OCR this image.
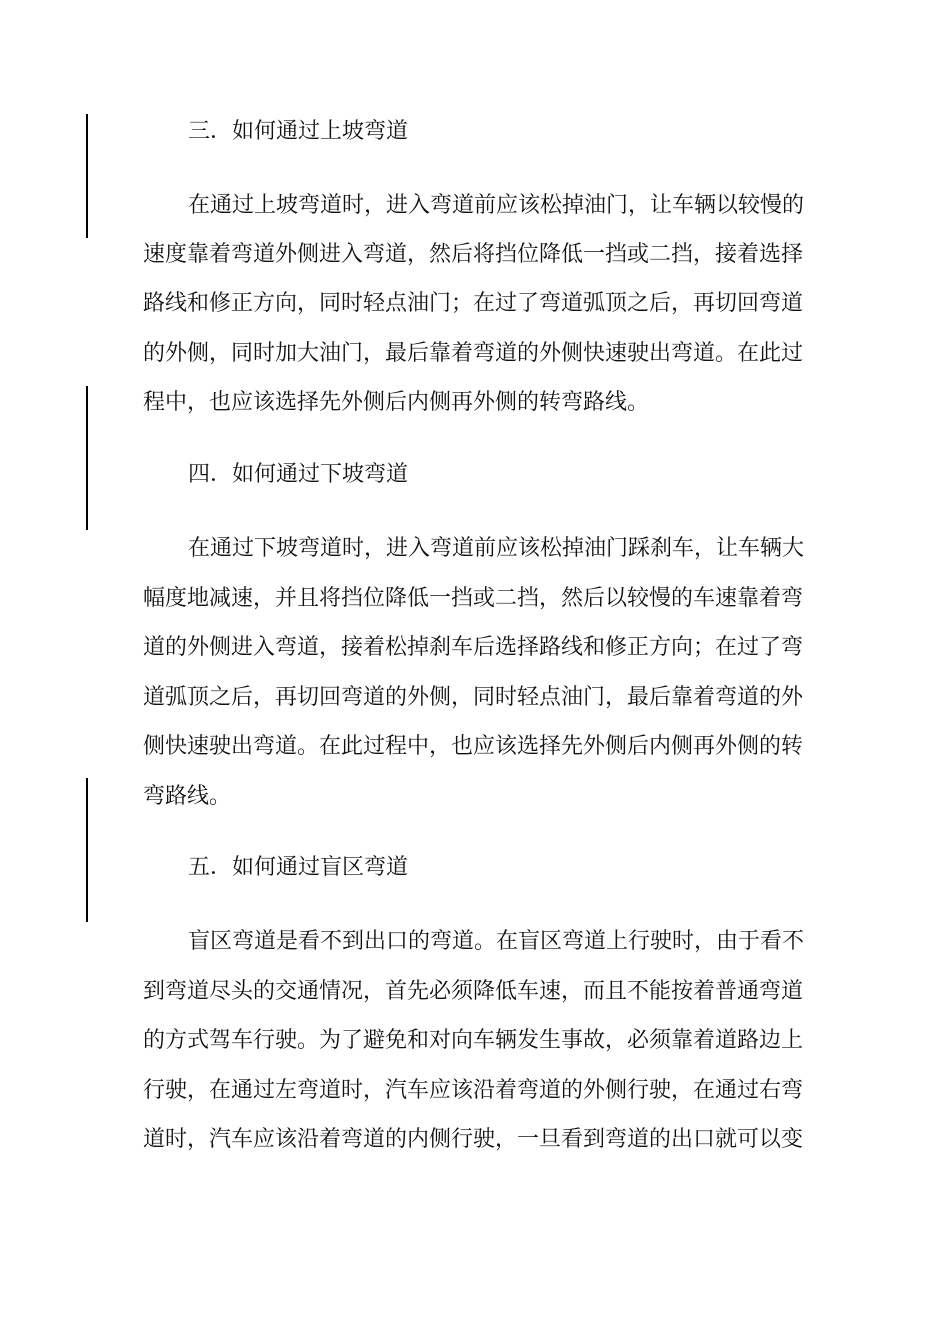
三．如何通过上坡弯道
在通过上坡弯道时，进入弯道前应该松掉油门，让车辆以较慢的
速度靠着弯道外侧进入弯道，然后将挡位降低一挡或二挡，接着选择
路线和修正方向，同时轻点油门；在过了弯道弧顶之后，再切回弯道
的外侧，同时加大油门，最后靠着弯道的外侧快速驶出弯道。在此过
程中，也应该选择先外侧后内侧再外侧的转弯路线。
四．如何通过下坡弯道
在通过下坡弯道时，进入弯道前应该松掉油门踩刹车，让车辆大
幅度地减速，并且将挡位降低一挡或二挡，然后以较慢的车速靠着弯
道的外侧进入弯道，接着松掉刹车后选择路线和修正方向；在过了弯
道弧顶之后，再切回弯道的外侧，同时轻点油门，最后靠着弯道的外
侧快速驶出弯道。在此过程中，也应该选择先外侧后内侧再外侧的转
弯路线。
五．如何通过盲区弯道
盲区弯道是看不到出口的弯道。在盲区弯道上行驶时，由于看不
到弯道尽头的交通情况，首先必须降低车速，而且不能按着普通弯道
的方式驾车行驶。为了避免和对向车辆发生事故，必须靠着道路边上
行驶，在通过左弯道时，汽车应该沿着弯道的外侧行驶，在通过右弯
道时，汽车应该沿着弯道的内侧行驶，一旦看到弯道的出口就可以变
